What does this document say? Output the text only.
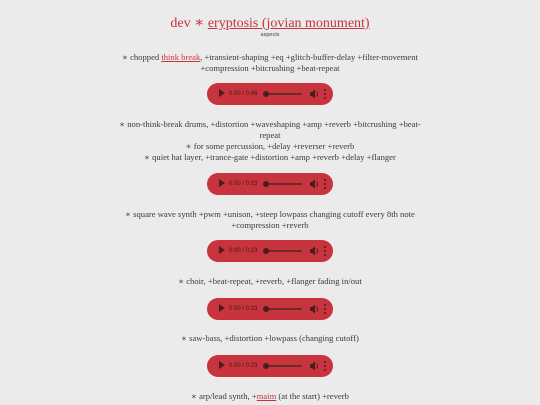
dev ∗ eryptosis (jovian monument)
aspects
∗ chopped think break, +transient-shaping +eq +glitch-buffer-delay +filter-movement
+compression +bitcrushing +beat-repeat
0:00 / 0:46
∗ non-think-break drums, +distortion +waveshaping +amp +reverb +bitcrushing +beat-
repeat
∗ for some percussion, +delay +reverser +reverb
∗ quiet hat layer, +trance-gate +distortion +amp +reverb +delay +flanger
0:00 / 0:23
∗ square wave synth +pwm +unison, +steep lowpass changing cutoff every 8th note
+compression +reverb
0:00 / 0:23
∗ choir, +beat-repeat, +reverb, +flanger fading in/out
0:00 / 0:23
∗ saw-bass, +distortion +lowpass (changing cutoff)
0:00 / 0:23
∗ arp/lead synth, +maim (at the start) +reverb
